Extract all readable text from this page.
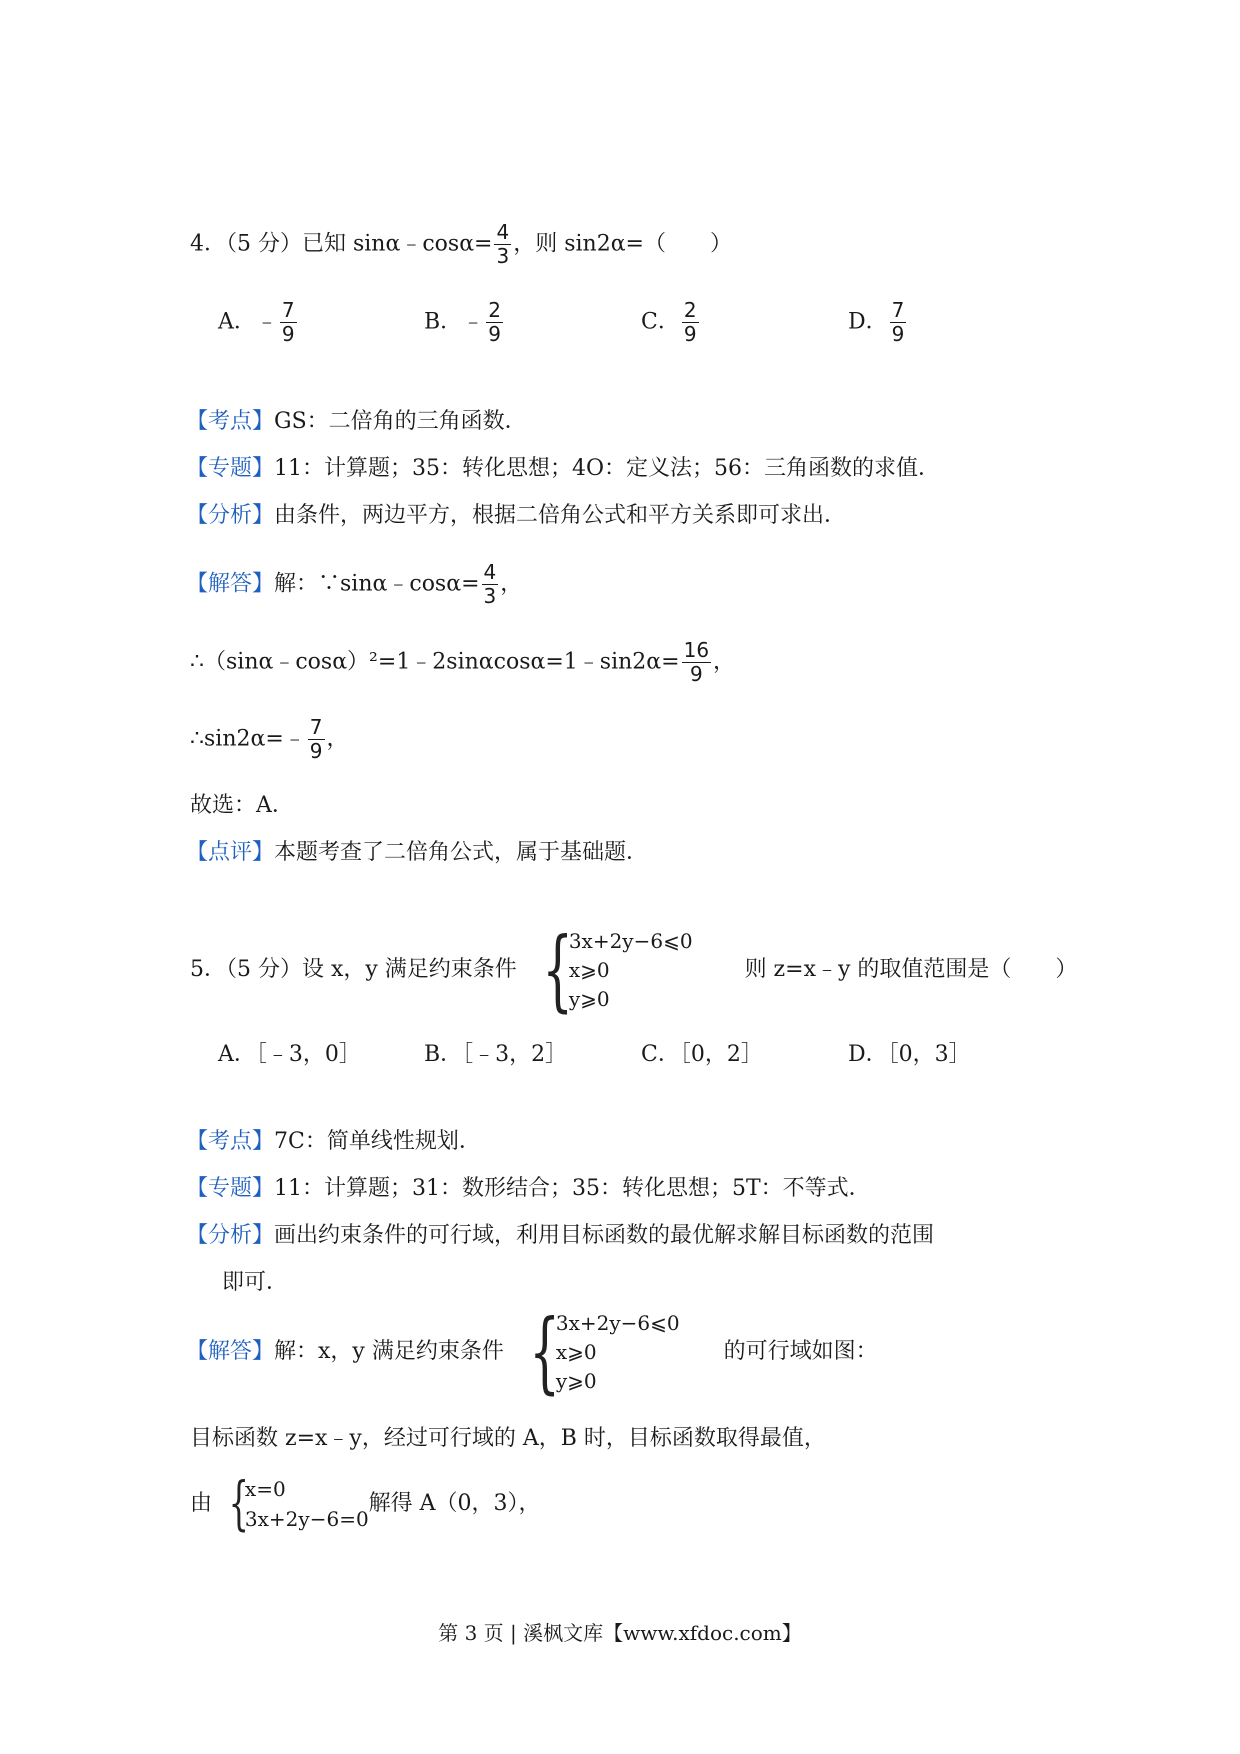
4．（5 分）已知 sinα﹣cosα= $\frac{4}{3}$ ，则 sin2α=（　　）
A．﹣ $\frac{7}{9}$	B．﹣ $\frac{2}{9}$	C． $\frac{2}{9}$	D． $\frac{7}{9}$
【考点】GS：二倍角的三角函数．
【专题】11：计算题；35：转化思想；4O：定义法；56：三角函数的求值．
【分析】由条件，两边平方，根据二倍角公式和平方关系即可求出．
【解答】解：∵sinα﹣cosα= $\frac{4}{3}$ ，
∴（sinα﹣cosα）²=1﹣2sinαcosα=1﹣sin2α= $\frac{16}{9}$ ，
∴sin2α=﹣ $\frac{7}{9}$ ，
故选：A．
【点评】本题考查了二倍角公式，属于基础题．
5．（5 分）设 x，y 满足约束条件 {
3x+2y−6⩽0
x⩾0
y⩾0
则 z=x﹣y 的取值范围是（　　）
A．［﹣3，0］	B．［﹣3，2］	C．［0，2］	D．［0，3］
【考点】7C：简单线性规划．
【专题】11：计算题；31：数形结合；35：转化思想；5T：不等式．
【分析】画出约束条件的可行域，利用目标函数的最优解求解目标函数的范围
即可．
【解答】 解：x，y 满足约束条件 {
3x+2y−6⩽0
x⩾0
y⩾0
的可行域如图：
目标函数 z=x﹣y，经过可行域的 A，B 时，目标函数取得最值，
由 {
x=0
3x+2y−6=0
解得 A（0，3），
第 3 页 | 溪枫文库【www.xfdoc.com】
